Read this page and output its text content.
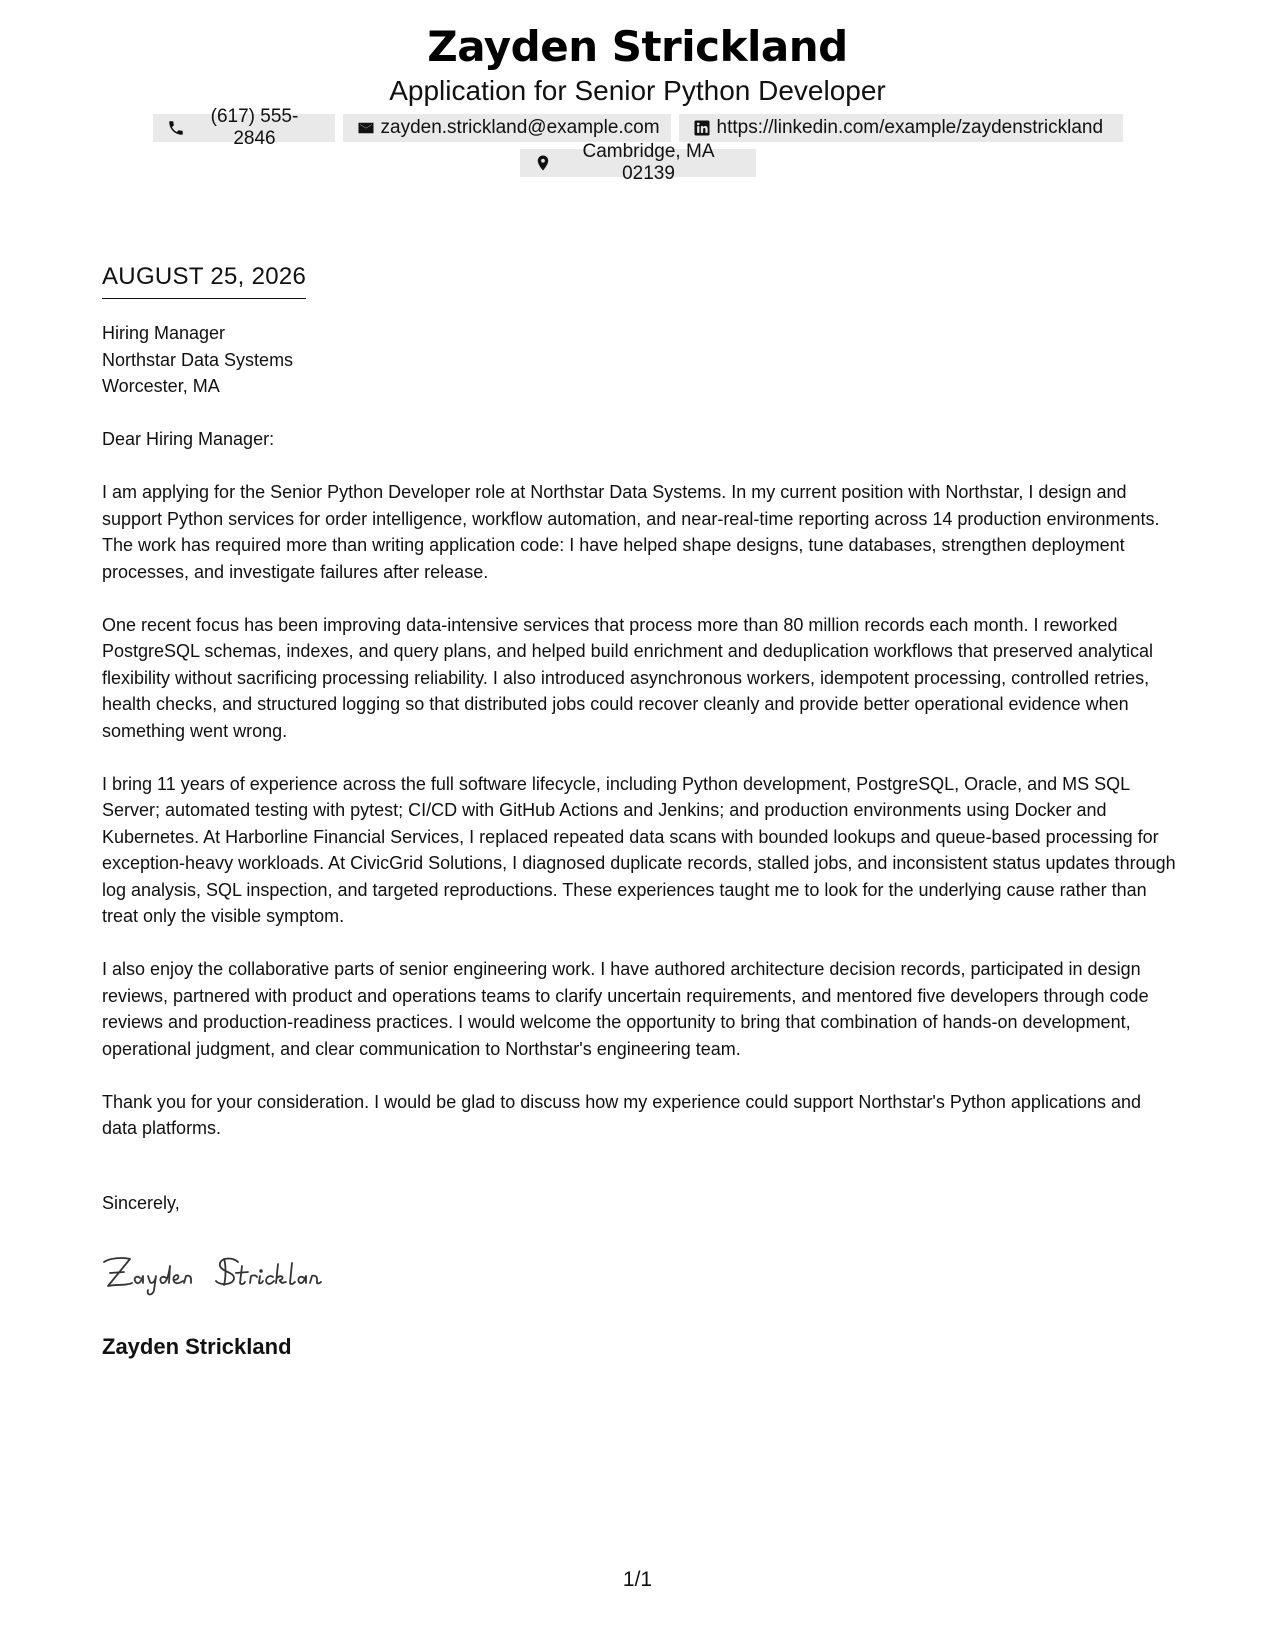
Zayden Strickland
Application for Senior Python Developer
(617) 555-2846
zayden.strickland@example.com	https://linkedin.com/example/zaydenstrickland
Cambridge, MA 02139
AUGUST 25, 2026
Hiring Manager
Northstar Data Systems
Worcester, MA

Dear Hiring Manager:

I am applying for the Senior Python Developer role at Northstar Data Systems. In my current position with Northstar, I design and support Python services for order intelligence, workflow automation, and near-real-time reporting across 14 production environments. The work has required more than writing application code: I have helped shape designs, tune databases, strengthen deployment processes, and investigate failures after release.

One recent focus has been improving data-intensive services that process more than 80 million records each month. I reworked PostgreSQL schemas, indexes, and query plans, and helped build enrichment and deduplication workflows that preserved analytical flexibility without sacrificing processing reliability. I also introduced asynchronous workers, idempotent processing, controlled retries, health checks, and structured logging so that distributed jobs could recover cleanly and provide better operational evidence when something went wrong.

I bring 11 years of experience across the full software lifecycle, including Python development, PostgreSQL, Oracle, and MS SQL Server; automated testing with pytest; CI/CD with GitHub Actions and Jenkins; and production environments using Docker and Kubernetes. At Harborline Financial Services, I replaced repeated data scans with bounded lookups and queue-based processing for exception-heavy workloads. At CivicGrid Solutions, I diagnosed duplicate records, stalled jobs, and inconsistent status updates through log analysis, SQL inspection, and targeted reproductions. These experiences taught me to look for the underlying cause rather than treat only the visible symptom.

I also enjoy the collaborative parts of senior engineering work. I have authored architecture decision records, participated in design reviews, partnered with product and operations teams to clarify uncertain requirements, and mentored five developers through code reviews and production-readiness practices. I would welcome the opportunity to bring that combination of hands-on development, operational judgment, and clear communication to Northstar's engineering team.

Thank you for your consideration. I would be glad to discuss how my experience could support Northstar's Python applications and data platforms.

Sincerely,
Zayden Strickland
1/1
